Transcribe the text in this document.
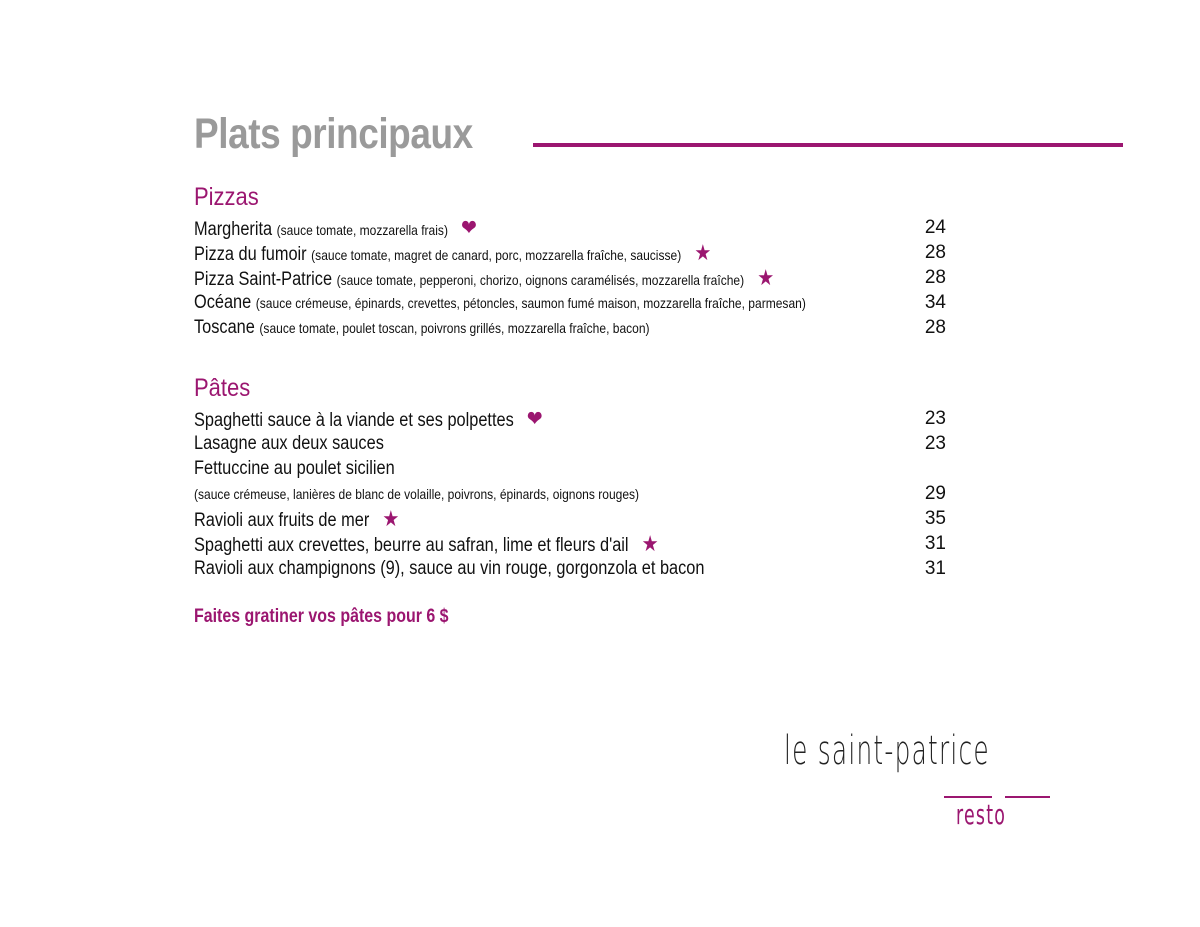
Plats principaux
Pizzas
Margherita (sauce tomate, mozzarella frais) ❤	24
Pizza du fumoir (sauce tomate, magret de canard, porc, mozzarella fraîche, saucisse) ★	28
Pizza Saint-Patrice (sauce tomate, pepperoni, chorizo, oignons caramélisés, mozzarella fraîche) ★	28
Océane (sauce crémeuse, épinards, crevettes, pétoncles, saumon fumé maison, mozzarella fraîche, parmesan)	34
Toscane (sauce tomate, poulet toscan, poivrons grillés, mozzarella fraîche, bacon)	28
Pâtes
Spaghetti sauce à la viande et ses polpettes ❤	23
Lasagne aux deux sauces	23
Fettuccine au poulet sicilien
(sauce crémeuse, lanières de blanc de volaille, poivrons, épinards, oignons rouges)	29
Ravioli aux fruits de mer ★	35
Spaghetti aux crevettes, beurre au safran, lime et fleurs d'ail ★	31
Ravioli aux champignons (9), sauce au vin rouge, gorgonzola et bacon	31
Faites gratiner vos pâtes pour 6 $
le saint-patrice
resto
